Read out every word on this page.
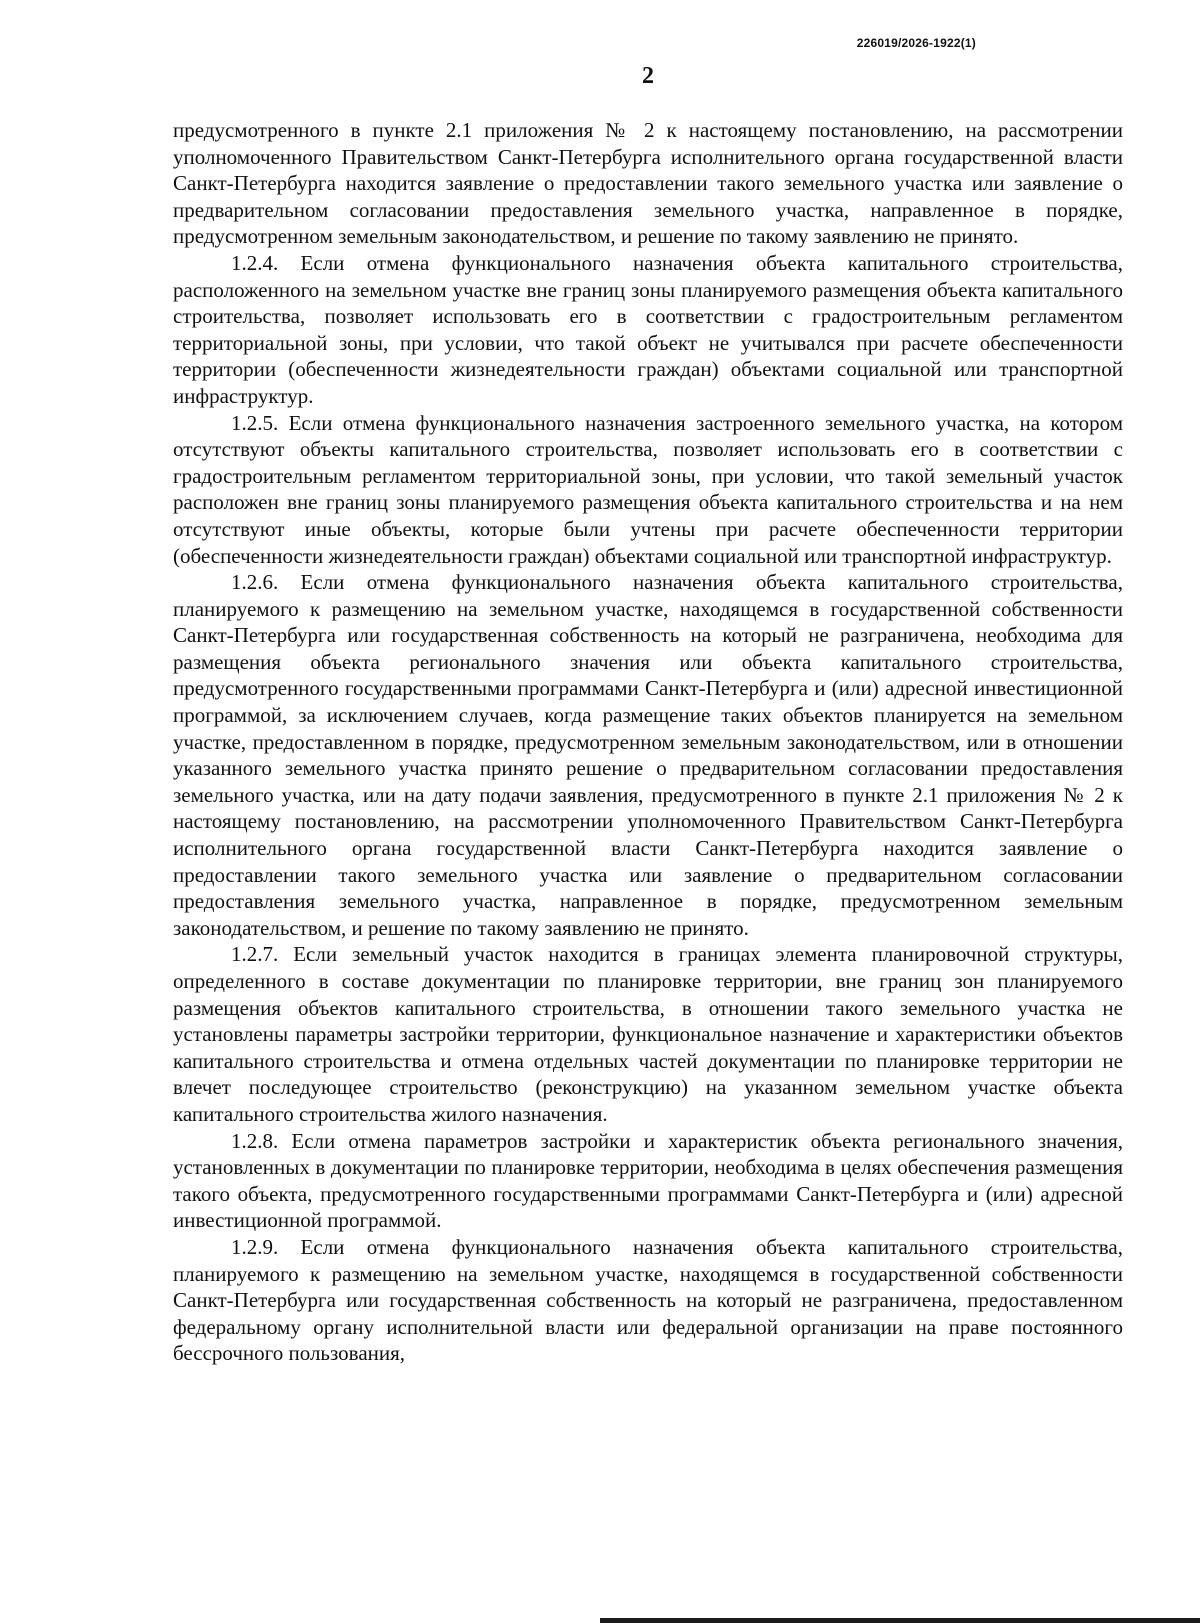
226019/2026-1922(1)
2

предусмотренного в пункте 2.1 приложения № 2 к настоящему постановлению, на рассмотрении уполномоченного Правительством Санкт-Петербурга исполнительного органа государственной власти Санкт-Петербурга находится заявление о предоставлении такого земельного участка или заявление о предварительном согласовании предоставления земельного участка, направленное в порядке, предусмотренном земельным законодательством, и решение по такому заявлению не принято.

1.2.4. Если отмена функционального назначения объекта капитального строительства, расположенного на земельном участке вне границ зоны планируемого размещения объекта капитального строительства, позволяет использовать его в соответствии с градостроительным регламентом территориальной зоны, при условии, что такой объект не учитывался при расчете обеспеченности территории (обеспеченности жизнедеятельности граждан) объектами социальной или транспортной инфраструктур.

1.2.5. Если отмена функционального назначения застроенного земельного участка, на котором отсутствуют объекты капитального строительства, позволяет использовать его в соответствии с градостроительным регламентом территориальной зоны, при условии, что такой земельный участок расположен вне границ зоны планируемого размещения объекта капитального строительства и на нем отсутствуют иные объекты, которые были учтены при расчете обеспеченности территории (обеспеченности жизнедеятельности граждан) объектами социальной или транспортной инфраструктур.

1.2.6. Если отмена функционального назначения объекта капитального строительства, планируемого к размещению на земельном участке, находящемся в государственной собственности Санкт-Петербурга или государственная собственность на который не разграничена, необходима для размещения объекта регионального значения или объекта капитального строительства, предусмотренного государственными программами Санкт-Петербурга и (или) адресной инвестиционной программой, за исключением случаев, когда размещение таких объектов планируется на земельном участке, предоставленном в порядке, предусмотренном земельным законодательством, или в отношении указанного земельного участка принято решение о предварительном согласовании предоставления земельного участка, или на дату подачи заявления, предусмотренного в пункте 2.1 приложения № 2 к настоящему постановлению, на рассмотрении уполномоченного Правительством Санкт-Петербурга исполнительного органа государственной власти Санкт-Петербурга находится заявление о предоставлении такого земельного участка или заявление о предварительном согласовании предоставления земельного участка, направленное в порядке, предусмотренном земельным законодательством, и решение по такому заявлению не принято.

1.2.7. Если земельный участок находится в границах элемента планировочной структуры, определенного в составе документации по планировке территории, вне границ зон планируемого размещения объектов капитального строительства, в отношении такого земельного участка не установлены параметры застройки территории, функциональное назначение и характеристики объектов капитального строительства и отмена отдельных частей документации по планировке территории не влечет последующее строительство (реконструкцию) на указанном земельном участке объекта капитального строительства жилого назначения.

1.2.8. Если отмена параметров застройки и характеристик объекта регионального значения, установленных в документации по планировке территории, необходима в целях обеспечения размещения такого объекта, предусмотренного государственными программами Санкт-Петербурга и (или) адресной инвестиционной программой.

1.2.9. Если отмена функционального назначения объекта капитального строительства, планируемого к размещению на земельном участке, находящемся в государственной собственности Санкт-Петербурга или государственная собственность на который не разграничена, предоставленном федеральному органу исполнительной власти или федеральной организации на праве постоянного бессрочного пользования,
